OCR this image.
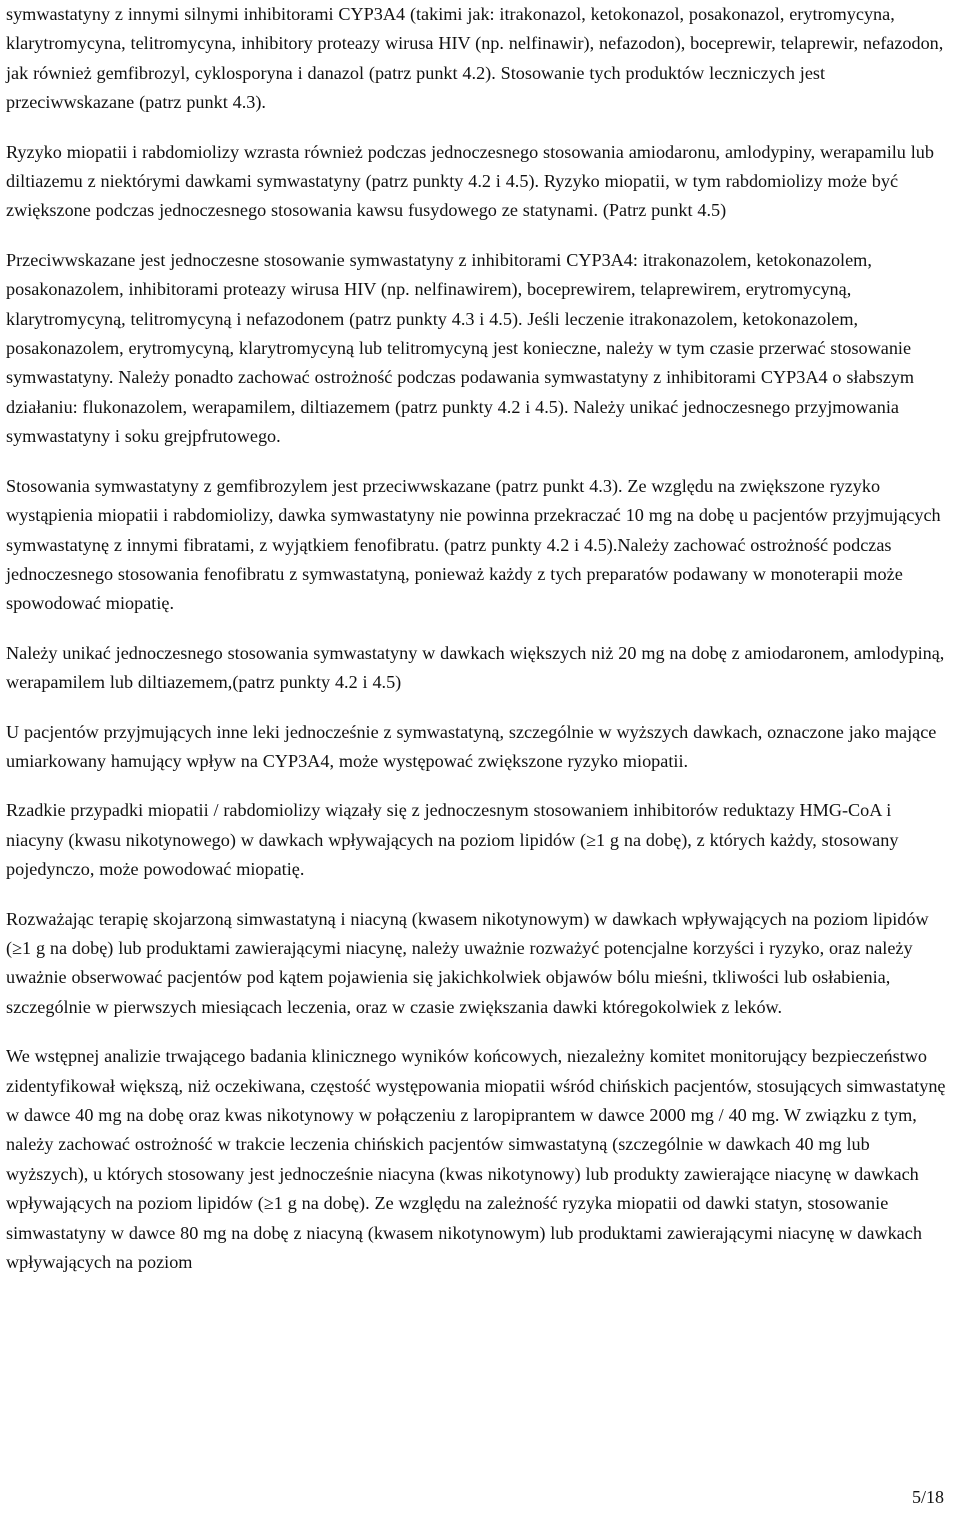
symwastatyny z innymi silnymi inhibitorami CYP3A4 (takimi jak: itrakonazol, ketokonazol, posakonazol, erytromycyna, klarytromycyna, telitromycyna, inhibitory proteazy wirusa HIV (np. nelfinawir), nefazodon), boceprewir, telaprewir, nefazodon, jak również gemfibrozyl, cyklosporyna i danazol (patrz punkt 4.2). Stosowanie tych produktów leczniczych jest przeciwwskazane (patrz punkt 4.3).

Ryzyko miopatii i rabdomiolizy wzrasta również podczas jednoczesnego stosowania amiodaronu, amlodypiny, werapamilu lub diltiazemu z niektórymi dawkami symwastatyny (patrz punkty 4.2 i 4.5). Ryzyko miopatii, w tym rabdomiolizy może być zwiększone podczas jednoczesnego stosowania kawsu fusydowego ze statynami. (Patrz punkt 4.5)

Przeciwwskazane jest jednoczesne stosowanie symwastatyny z inhibitorami CYP3A4: itrakonazolem, ketokonazolem, posakonazolem, inhibitorami proteazy wirusa HIV (np. nelfinawirem), boceprewirem, telaprewirem, erytromycyną, klarytromycyną, telitromycyną i nefazodonem (patrz punkty 4.3 i 4.5). Jeśli leczenie itrakonazolem, ketokonazolem, posakonazolem, erytromycyną, klarytromycyną lub telitromycyną jest konieczne, należy w tym czasie przerwać stosowanie symwastatyny. Należy ponadto zachować ostrożność podczas podawania symwastatyny z inhibitorami CYP3A4 o słabszym działaniu: flukonazolem, werapamilem, diltiazemem (patrz punkty 4.2 i 4.5). Należy unikać jednoczesnego przyjmowania symwastatyny i soku grejpfrutowego.

Stosowania symwastatyny z gemfibrozylem jest przeciwwskazane (patrz punkt 4.3). Ze względu na zwiększone ryzyko wystąpienia miopatii i rabdomiolizy, dawka symwastatyny nie powinna przekraczać 10 mg na dobę u pacjentów przyjmujących symwastatynę z innymi fibratami, z wyjątkiem fenofibratu. (patrz punkty 4.2 i 4.5).Należy zachować ostrożność podczas jednoczesnego stosowania fenofibratu z symwastatyną, ponieważ każdy z tych preparatów podawany w monoterapii może spowodować miopatię.

Należy unikać jednoczesnego stosowania symwastatyny w dawkach większych niż 20 mg na dobę z amiodaronem, amlodypiną, werapamilem lub diltiazemem,(patrz punkty 4.2 i 4.5)

U pacjentów przyjmujących inne leki jednocześnie z symwastatyną, szczególnie w wyższych dawkach, oznaczone jako mające umiarkowany hamujący wpływ na CYP3A4, może występować zwiększone ryzyko miopatii.

Rzadkie przypadki miopatii / rabdomiolizy wiązały się z jednoczesnym stosowaniem inhibitorów reduktazy HMG-CoA i niacyny (kwasu nikotynowego) w dawkach wpływających na poziom lipidów (≥1 g na dobę), z których każdy, stosowany pojedynczo, może powodować miopatię.

Rozważając terapię skojarzoną simwastatyną i niacyną (kwasem nikotynowym) w dawkach wpływających na poziom lipidów (≥1 g na dobę) lub produktami zawierającymi niacynę, należy uważnie rozważyć potencjalne korzyści i ryzyko, oraz należy uważnie obserwować pacjentów pod kątem pojawienia się jakichkolwiek objawów bólu mieśni, tkliwości lub osłabienia, szczególnie w pierwszych miesiącach leczenia, oraz w czasie zwiększania dawki któregokolwiek z leków.

We wstępnej analizie trwającego badania klinicznego wyników końcowych, niezależny komitet monitorujący bezpieczeństwo zidentyfikował większą, niż oczekiwana, częstość występowania miopatii wśród chińskich pacjentów, stosujących simwastatynę w dawce 40 mg na dobę oraz kwas nikotynowy w połączeniu z laropiprantem w dawce 2000 mg / 40 mg. W związku z tym, należy zachować ostrożność w trakcie leczenia chińskich pacjentów simwastatyną (szczególnie w dawkach 40 mg lub wyższych), u których stosowany jest jednocześnie niacyna (kwas nikotynowy) lub produkty zawierające niacynę w dawkach wpływających na poziom lipidów (≥1 g na dobę). Ze względu na zależność ryzyka miopatii od dawki statyn, stosowanie simwastatyny w dawce 80 mg na dobę z niacyną (kwasem nikotynowym) lub produktami zawierającymi niacynę w dawkach wpływających na poziom

5/18
